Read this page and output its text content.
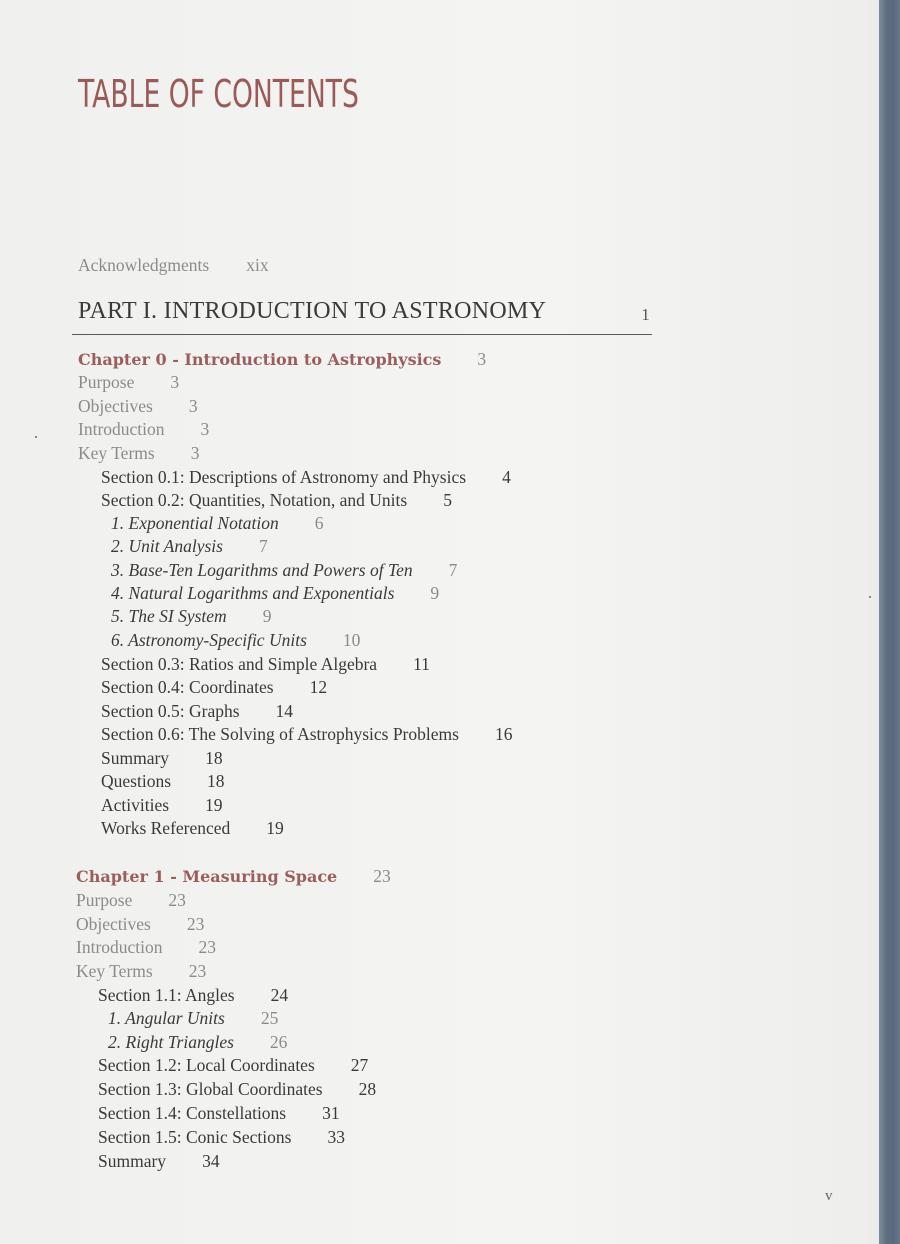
TABLE OF CONTENTS
Acknowledgments xix
PART I. INTRODUCTION TO ASTRONOMY	1
Chapter 0 - Introduction to Astrophysics 3
Purpose 3
Objectives 3
Introduction 3
Key Terms 3
Section 0.1: Descriptions of Astronomy and Physics 4
Section 0.2: Quantities, Notation, and Units 5
1. Exponential Notation 6
2. Unit Analysis 7
3. Base-Ten Logarithms and Powers of Ten 7
4. Natural Logarithms and Exponentials 9
5. The SI System 9
6. Astronomy-Specific Units 10
Section 0.3: Ratios and Simple Algebra 11
Section 0.4: Coordinates 12
Section 0.5: Graphs 14
Section 0.6: The Solving of Astrophysics Problems 16
Summary 18
Questions 18
Activities 19
Works Referenced 19
Chapter 1 - Measuring Space 23
Purpose 23
Objectives 23
Introduction 23
Key Terms 23
Section 1.1: Angles 24
1. Angular Units 25
2. Right Triangles 26
Section 1.2: Local Coordinates 27
Section 1.3: Global Coordinates 28
Section 1.4: Constellations 31
Section 1.5: Conic Sections 33
Summary 34
v
